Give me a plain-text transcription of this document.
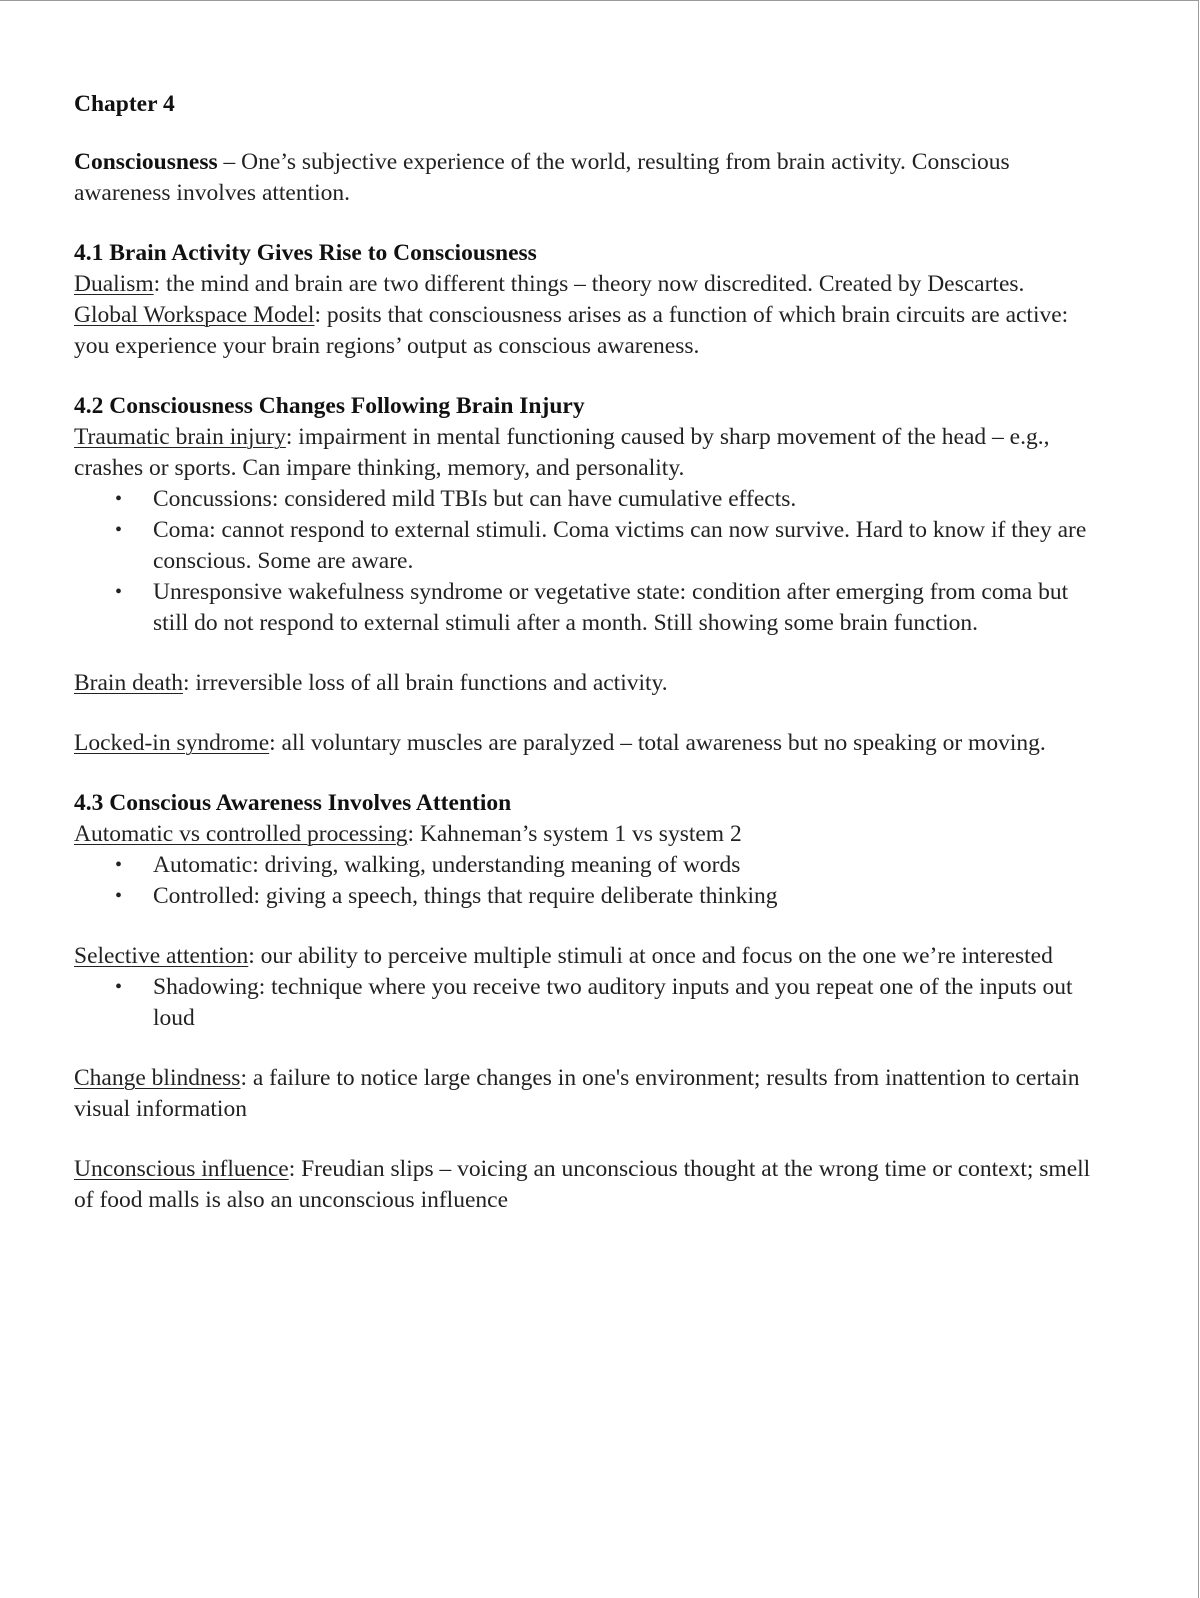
Chapter 4

Consciousness – One’s subjective experience of the world, resulting from brain activity. Conscious awareness involves attention.

4.1 Brain Activity Gives Rise to Consciousness

Dualism: the mind and brain are two different things – theory now discredited. Created by Descartes.

Global Workspace Model: posits that consciousness arises as a function of which brain circuits are active: you experience your brain regions’ output as conscious awareness.

4.2 Consciousness Changes Following Brain Injury

Traumatic brain injury: impairment in mental functioning caused by sharp movement of the head – e.g., crashes or sports. Can impare thinking, memory, and personality.

• Concussions: considered mild TBIs but can have cumulative effects.
• Coma: cannot respond to external stimuli. Coma victims can now survive. Hard to know if they are conscious. Some are aware.
• Unresponsive wakefulness syndrome or vegetative state: condition after emerging from coma but still do not respond to external stimuli after a month. Still showing some brain function.

Brain death: irreversible loss of all brain functions and activity.

Locked-in syndrome: all voluntary muscles are paralyzed – total awareness but no speaking or moving.

4.3 Conscious Awareness Involves Attention

Automatic vs controlled processing: Kahneman’s system 1 vs system 2

• Automatic: driving, walking, understanding meaning of words
• Controlled: giving a speech, things that require deliberate thinking

Selective attention: our ability to perceive multiple stimuli at once and focus on the one we’re interested

• Shadowing: technique where you receive two auditory inputs and you repeat one of the inputs out loud

Change blindness: a failure to notice large changes in one's environment; results from inattention to certain visual information

Unconscious influence: Freudian slips – voicing an unconscious thought at the wrong time or context; smell of food malls is also an unconscious influence
